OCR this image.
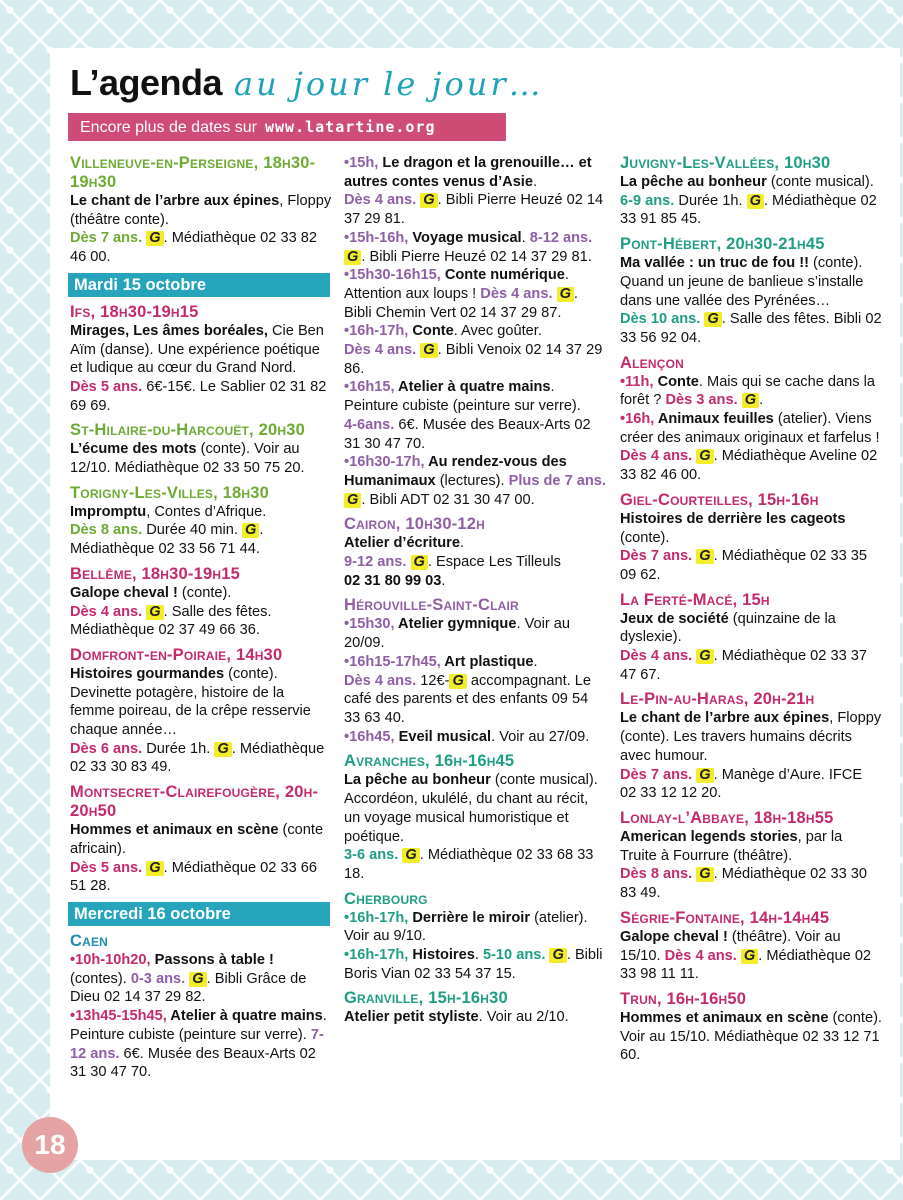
L’agenda au jour le jour…
Encore plus de dates sur www.latartine.org
Villeneuve-en-Perseigne, 18h30-19h30
Le chant de l’arbre aux épines, Floppy (théâtre conte).
Dès 7 ans. G . Médiathèque 02 33 82 46 00.
Mardi 15 octobre
Ifs, 18h30-19h15
Mirages, Les âmes boréales, Cie Ben Aïm (danse). Une expérience poétique et ludique au cœur du Grand Nord.
Dès 5 ans. 6€-15€. Le Sablier 02 31 82 69 69.
St-Hilaire-du-Harcouët, 20h30
L’écume des mots (conte). Voir au 12/10. Médiathèque 02 33 50 75 20.
Torigny-Les-Villes, 18h30
Impromptu, Contes d’Afrique.
Dès 8 ans. Durée 40 min. G . Médiathèque 02 33 56 71 44.
Bellême, 18h30-19h15
Galope cheval ! (conte).
Dès 4 ans. G . Salle des fêtes. Médiathèque 02 37 49 66 36.
Domfront-en-Poiraie, 14h30
Histoires gourmandes (conte). Devinette potagère, histoire de la femme poireau, de la crêpe resservie chaque année…
Dès 6 ans. Durée 1h. G . Médiathèque 02 33 30 83 49.
Montsecret-Clairefougère, 20h-20h50
Hommes et animaux en scène (conte africain).
Dès 5 ans. G . Médiathèque 02 33 66 51 28.
Mercredi 16 octobre
Caen
•10h-10h20, Passons à table ! (contes). 0-3 ans. G . Bibli Grâce de Dieu 02 14 37 29 82.
•13h45-15h45, Atelier à quatre mains. Peinture cubiste (peinture sur verre). 7-12 ans. 6€. Musée des Beaux-Arts 02 31 30 47 70.
•15h, Le dragon et la grenouille… et autres contes venus d’Asie.
Dès 4 ans. G . Bibli Pierre Heuzé 02 14 37 29 81.
•15h-16h, Voyage musical. 8-12 ans. G . Bibli Pierre Heuzé 02 14 37 29 81.
•15h30-16h15, Conte numérique. Attention aux loups ! Dès 4 ans. G . Bibli Chemin Vert 02 14 37 29 87.
•16h-17h, Conte. Avec goûter.
Dès 4 ans. G . Bibli Venoix 02 14 37 29 86.
•16h15, Atelier à quatre mains. Peinture cubiste (peinture sur verre).
4-6ans. 6€. Musée des Beaux-Arts 02 31 30 47 70.
•16h30-17h, Au rendez-vous des Humanimaux (lectures). Plus de 7 ans. G . Bibli ADT 02 31 30 47 00.
Cairon, 10h30-12h
Atelier d’écriture.
9-12 ans. G . Espace Les Tilleuls
02 31 80 99 03.
Hérouville-Saint-Clair
•15h30, Atelier gymnique. Voir au 20/09.
•16h15-17h45, Art plastique.
Dès 4 ans. 12€- G accompagnant. Le café des parents et des enfants 09 54 33 63 40.
•16h45, Eveil musical. Voir au 27/09.
Avranches, 16h-16h45
La pêche au bonheur (conte musical). Accordéon, ukulélé, du chant au récit, un voyage musical humoristique et poétique.
3-6 ans. G . Médiathèque 02 33 68 33 18.
Cherbourg
•16h-17h, Derrière le miroir (atelier). Voir au 9/10.
•16h-17h, Histoires. 5-10 ans. G . Bibli Boris Vian 02 33 54 37 15.
Granville, 15h-16h30
Atelier petit styliste. Voir au 2/10.
Juvigny-Les-Vallées, 10h30
La pêche au bonheur (conte musical).
6-9 ans. Durée 1h. G . Médiathèque 02 33 91 85 45.
Pont-Hébert, 20h30-21h45
Ma vallée : un truc de fou !! (conte). Quand un jeune de banlieue s’installe dans une vallée des Pyrénées…
Dès 10 ans. G . Salle des fêtes. Bibli 02 33 56 92 04.
Alençon
•11h, Conte. Mais qui se cache dans la forêt ? Dès 3 ans. G .
•16h, Animaux feuilles (atelier). Viens créer des animaux originaux et farfelus ! Dès 4 ans. G . Médiathèque Aveline 02 33 82 46 00.
Giel-Courteilles, 15h-16h
Histoires de derrière les cageots (conte).
Dès 7 ans. G . Médiathèque 02 33 35 09 62.
La Ferté-Macé, 15h
Jeux de société (quinzaine de la dyslexie).
Dès 4 ans. G . Médiathèque 02 33 37 47 67.
Le-Pin-au-Haras, 20h-21h
Le chant de l’arbre aux épines, Floppy (conte). Les travers humains décrits avec humour.
Dès 7 ans. G . Manège d’Aure. IFCE 02 33 12 12 20.
Lonlay-l’Abbaye, 18h-18h55
American legends stories, par la Truite à Fourrure (théâtre).
Dès 8 ans. G . Médiathèque 02 33 30 83 49.
Ségrie-Fontaine, 14h-14h45
Galope cheval ! (théâtre). Voir au 15/10. Dès 4 ans. G . Médiathèque 02 33 98 11 11.
Trun, 16h-16h50
Hommes et animaux en scène (conte). Voir au 15/10. Médiathèque 02 33 12 71 60.
18
